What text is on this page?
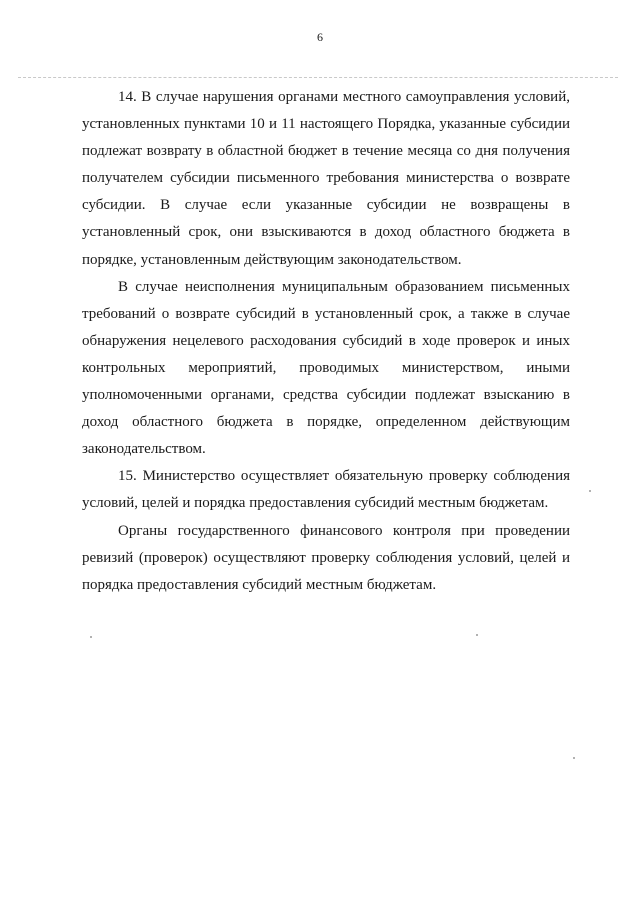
6

14. В случае нарушения органами местного самоуправления условий, установленных пунктами 10 и 11 настоящего Порядка, указанные субсидии подлежат возврату в областной бюджет в течение месяца со дня получения получателем субсидии письменного требования министерства о возврате субсидии. В случае если указанные субсидии не возвращены в установленный срок, они взыскиваются в доход областного бюджета в порядке, установленным действующим законодательством.

В случае неисполнения муниципальным образованием письменных требований о возврате субсидий в установленный срок, а также в случае обнаружения нецелевого расходования субсидий в ходе проверок и иных контрольных мероприятий, проводимых министерством, иными уполномоченными органами, средства субсидии подлежат взысканию в доход областного бюджета в порядке, определенном действующим законодательством.

15. Министерство осуществляет обязательную проверку соблюдения условий, целей и порядка предоставления субсидий местным бюджетам.

Органы государственного финансового контроля при проведении ревизий (проверок) осуществляют проверку соблюдения условий, целей и порядка предоставления субсидий местным бюджетам.
